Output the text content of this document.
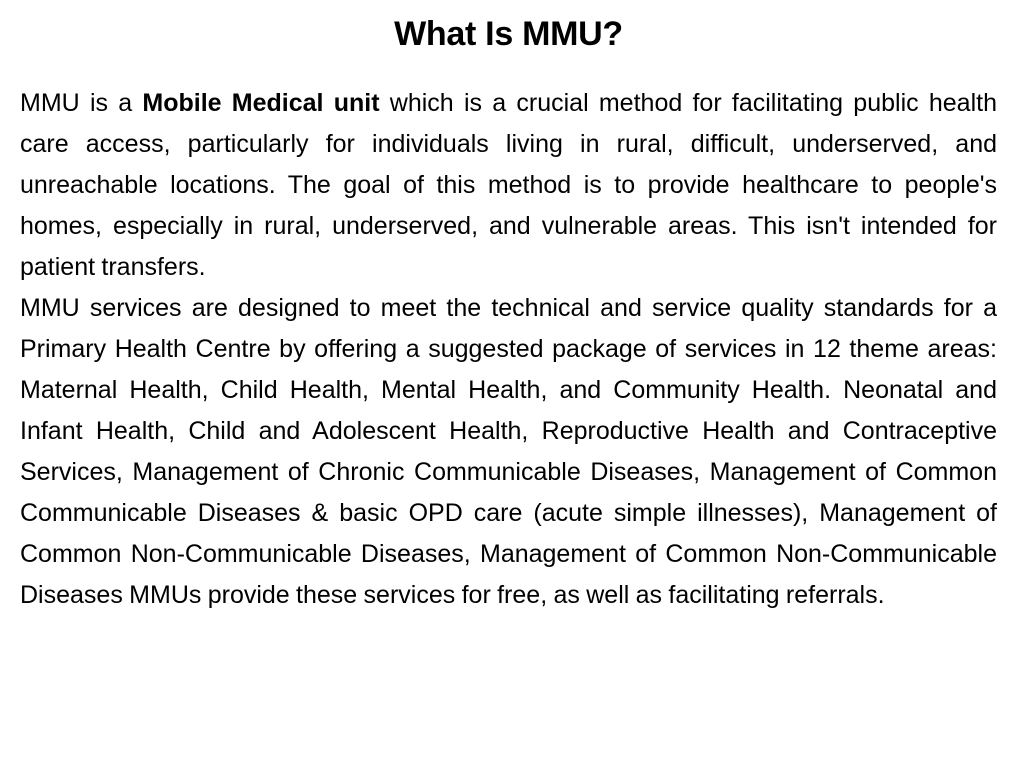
What Is MMU?

MMU is a Mobile Medical unit which is a crucial method for facilitating public health care access, particularly for individuals living in rural, difficult, underserved, and unreachable locations. The goal of this method is to provide healthcare to people's homes, especially in rural, underserved, and vulnerable areas. This isn't intended for patient transfers.

MMU services are designed to meet the technical and service quality standards for a Primary Health Centre by offering a suggested package of services in 12 theme areas: Maternal Health, Child Health, Mental Health, and Community Health. Neonatal and Infant Health, Child and Adolescent Health, Reproductive Health and Contraceptive Services, Management of Chronic Communicable Diseases, Management of Common Communicable Diseases & basic OPD care (acute simple illnesses), Management of Common Non-Communicable Diseases, Management of Common Non-Communicable Diseases MMUs provide these services for free, as well as facilitating referrals.
